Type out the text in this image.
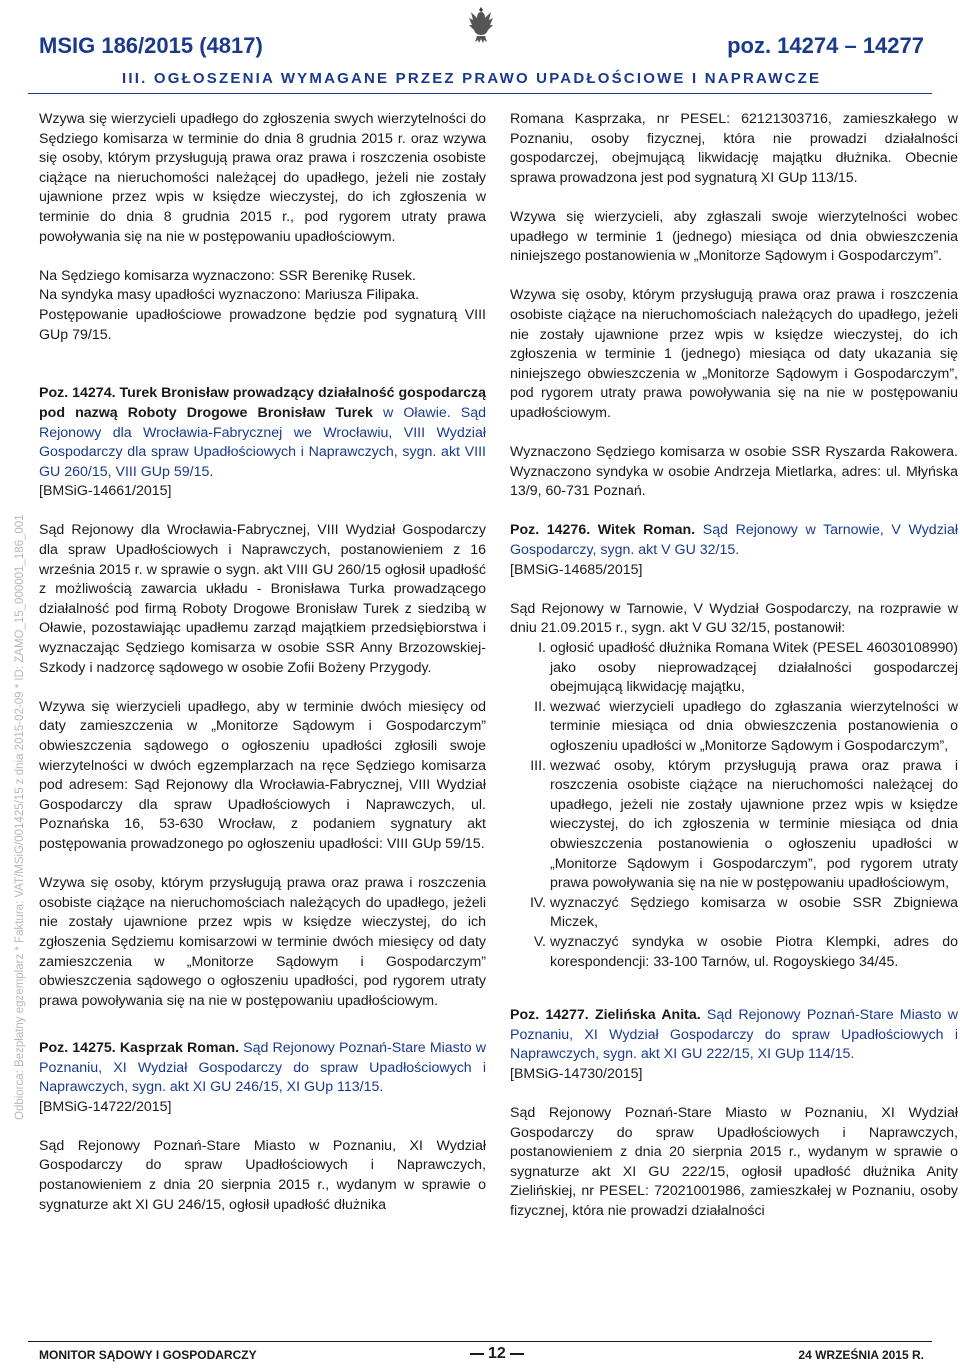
MSIG 186/2015 (4817)	poz. 14274 – 14277
III. OGŁOSZENIA WYMAGANE PRZEZ PRAWO UPADŁOŚCIOWE I NAPRAWCZE
Odbiorca: Bezpłatny egzemplarz * Faktura: VAT/MSiG/001425/15 z dnia 2015-02-09 * ID: ZAMO_15_000001_186_001

Wzywa się wierzycieli upadłego do zgłoszenia swych wierzytelności do Sędziego komisarza w terminie do dnia 8 grudnia 2015 r. oraz wzywa się osoby, którym przysługują prawa oraz prawa i roszczenia osobiste ciążące na nieruchomości należącej do upadłego, jeżeli nie zostały ujawnione przez wpis w księdze wieczystej, do ich zgłoszenia w terminie do dnia 8 grudnia 2015 r., pod rygorem utraty prawa powoływania się na nie w postępowaniu upadłościowym.

Na Sędziego komisarza wyznaczono: SSR Berenikę Rusek.
Na syndyka masy upadłości wyznaczono: Mariusza Filipaka.
Postępowanie upadłościowe prowadzone będzie pod sygnaturą VIII GUp 79/15.

Poz. 14274. Turek Bronisław prowadzący działalność gospodarczą pod nazwą Roboty Drogowe Bronisław Turek w Oławie. Sąd Rejonowy dla Wrocławia-Fabrycznej we Wrocławiu, VIII Wydział Gospodarczy dla spraw Upadłościowych i Naprawczych, sygn. akt VIII GU 260/15, VIII GUp 59/15.

[BMSiG-14661/2015]

Sąd Rejonowy dla Wrocławia-Fabrycznej, VIII Wydział Gospodarczy dla spraw Upadłościowych i Naprawczych, postanowieniem z 16 września 2015 r. w sprawie o sygn. akt VIII GU 260/15 ogłosił upadłość z możliwością zawarcia układu - Bronisława Turka prowadzącego działalność pod firmą Roboty Drogowe Bronisław Turek z siedzibą w Oławie, pozostawiając upadłemu zarząd majątkiem przedsiębiorstwa i wyznaczając Sędziego komisarza w osobie SSR Anny Brzozowskiej-Szkody i nadzorcę sądowego w osobie Zofii Bożeny Przygody.

Wzywa się wierzycieli upadłego, aby w terminie dwóch miesięcy od daty zamieszczenia w „Monitorze Sądowym i Gospodarczym” obwieszczenia sądowego o ogłoszeniu upadłości zgłosili swoje wierzytelności w dwóch egzemplarzach na ręce Sędziego komisarza pod adresem: Sąd Rejonowy dla Wrocławia-Fabrycznej, VIII Wydział Gospodarczy dla spraw Upadłościowych i Naprawczych, ul. Poznańska 16, 53-630 Wrocław, z podaniem sygnatury akt postępowania prowadzonego po ogłoszeniu upadłości: VIII GUp 59/15.

Wzywa się osoby, którym przysługują prawa oraz prawa i roszczenia osobiste ciążące na nieruchomościach należących do upadłego, jeżeli nie zostały ujawnione przez wpis w księdze wieczystej, do ich zgłoszenia Sędziemu komisarzowi w terminie dwóch miesięcy od daty zamieszczenia w „Monitorze Sądowym i Gospodarczym” obwieszczenia sądowego o ogłoszeniu upadłości, pod rygorem utraty prawa powoływania się na nie w postępowaniu upadłościowym.

Poz. 14275. Kasprzak Roman. Sąd Rejonowy Poznań-Stare Miasto w Poznaniu, XI Wydział Gospodarczy do spraw Upadłościowych i Naprawczych, sygn. akt XI GU 246/15, XI GUp 113/15.

[BMSiG-14722/2015]

Sąd Rejonowy Poznań-Stare Miasto w Poznaniu, XI Wydział Gospodarczy do spraw Upadłościowych i Naprawczych, postanowieniem z dnia 20 sierpnia 2015 r., wydanym w sprawie o sygnaturze akt XI GU 246/15, ogłosił upadłość dłużnika

Romana Kasprzaka, nr PESEL: 62121303716, zamieszkałego w Poznaniu, osoby fizycznej, która nie prowadzi działalności gospodarczej, obejmującą likwidację majątku dłużnika. Obecnie sprawa prowadzona jest pod sygnaturą XI GUp 113/15.

Wzywa się wierzycieli, aby zgłaszali swoje wierzytelności wobec upadłego w terminie 1 (jednego) miesiąca od dnia obwieszczenia niniejszego postanowienia w „Monitorze Sądowym i Gospodarczym”.

Wzywa się osoby, którym przysługują prawa oraz prawa i roszczenia osobiste ciążące na nieruchomościach należących do upadłego, jeżeli nie zostały ujawnione przez wpis w księdze wieczystej, do ich zgłoszenia w terminie 1 (jednego) miesiąca od daty ukazania się niniejszego obwieszczenia w „Monitorze Sądowym i Gospodarczym”, pod rygorem utraty prawa powoływania się na nie w postępowaniu upadłościowym.

Wyznaczono Sędziego komisarza w osobie SSR Ryszarda Rakowera. Wyznaczono syndyka w osobie Andrzeja Mietlarka, adres: ul. Młyńska 13/9, 60-731 Poznań.

Poz. 14276. Witek Roman. Sąd Rejonowy w Tarnowie, V Wydział Gospodarczy, sygn. akt V GU 32/15.

[BMSiG-14685/2015]

Sąd Rejonowy w Tarnowie, V Wydział Gospodarczy, na rozprawie w dniu 21.09.2015 r., sygn. akt V GU 32/15, postanowił:

I. ogłosić upadłość dłużnika Romana Witek (PESEL 46030108990) jako osoby nieprowadzącej działalności gospodarczej obejmującą likwidację majątku,
II. wezwać wierzycieli upadłego do zgłaszania wierzytelności w terminie miesiąca od dnia obwieszczenia postanowienia o ogłoszeniu upadłości w „Monitorze Sądowym i Gospodarczym”,
III. wezwać osoby, którym przysługują prawa oraz prawa i roszczenia osobiste ciążące na nieruchomości należącej do upadłego, jeżeli nie zostały ujawnione przez wpis w księdze wieczystej, do ich zgłoszenia w terminie miesiąca od dnia obwieszczenia postanowienia o ogłoszeniu upadłości w „Monitorze Sądowym i Gospodarczym”, pod rygorem utraty prawa powoływania się na nie w postępowaniu upadłościowym,
IV. wyznaczyć Sędziego komisarza w osobie SSR Zbigniewa Miczek,
V. wyznaczyć syndyka w osobie Piotra Klempki, adres do korespondencji: 33-100 Tarnów, ul. Rogoyskiego 34/45.

Poz. 14277. Zielińska Anita. Sąd Rejonowy Poznań-Stare Miasto w Poznaniu, XI Wydział Gospodarczy do spraw Upadłościowych i Naprawczych, sygn. akt XI GU 222/15, XI GUp 114/15.

[BMSiG-14730/2015]

Sąd Rejonowy Poznań-Stare Miasto w Poznaniu, XI Wydział Gospodarczy do spraw Upadłościowych i Naprawczych, postanowieniem z dnia 20 sierpnia 2015 r., wydanym w sprawie o sygnaturze akt XI GU 222/15, ogłosił upadłość dłużnika Anity Zielińskiej, nr PESEL: 72021001986, zamieszkałej w Poznaniu, osoby fizycznej, która nie prowadzi działalności

MONITOR SĄDOWY I GOSPODARCZY	12	24 WRZEŚNIA 2015 R.
